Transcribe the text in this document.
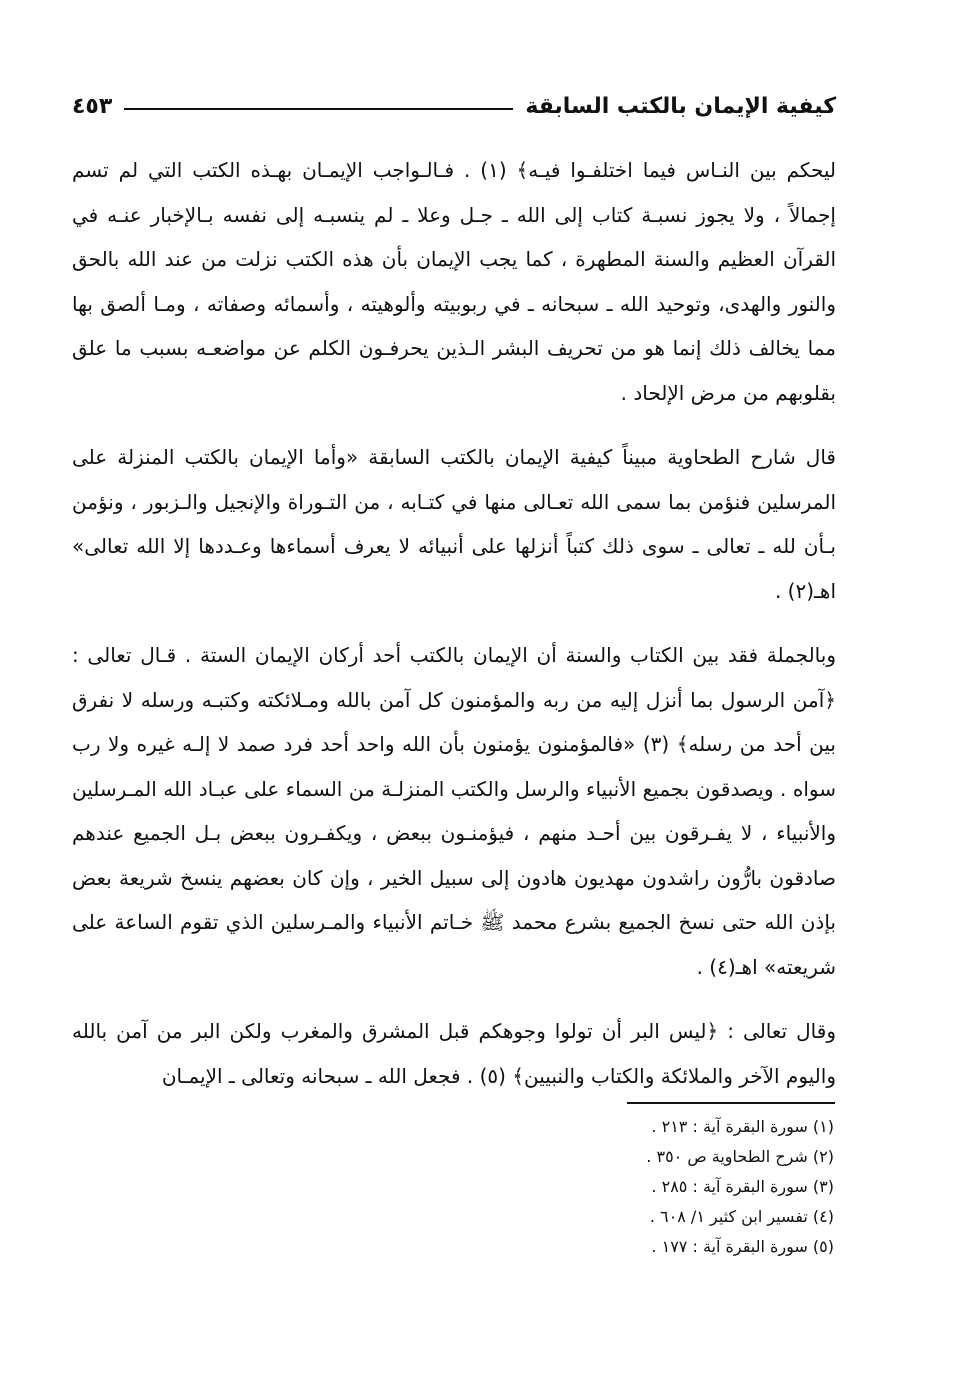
كيفية الإيمان بالكتب السابقة
٤٥٣

ليحكم بين النـاس فيما اختلفـوا فيـه﴾ (١) . فـالـواجب الإيمـان بهـذه الكتب التي لم تسم إجمالاً ، ولا يجوز نسبـة كتاب إلى الله ـ جـل وعلا ـ لم ينسبـه إلى نفسه بـالإخبار عنـه في القرآن العظيم والسنة المطهرة ، كما يجب الإيمان بأن هذه الكتب نزلت من عند الله بالحق والنور والهدى، وتوحيد الله ـ سبحانه ـ في ربوبيته وألوهيته ، وأسمائه وصفاته ، ومـا ألصق بها مما يخالف ذلك إنما هو من تحريف البشر الـذين يحرفـون الكلم عن مواضعـه بسبب ما علق بقلوبهم من مرض الإلحاد .

قال شارح الطحاوية مبيناً كيفية الإيمان بالكتب السابقة «وأما الإيمان بالكتب المنزلة على المرسلين فنؤمن بما سمى الله تعـالى منها في كتـابه ، من التـوراة والإنجيل والـزبور ، ونؤمن بـأن لله ـ تعالى ـ سوى ذلك كتباً أنزلها على أنبيائه لا يعرف أسماءها وعـددها إلا الله تعالى» اهـ(٢) .

وبالجملة فقد بين الكتاب والسنة أن الإيمان بالكتب أحد أركان الإيمان الستة . قـال تعالى : ﴿آمن الرسول بما أنزل إليه من ربه والمؤمنون كل آمن بالله ومـلائكته وكتبـه ورسله لا نفرق بين أحد من رسله﴾ (٣) «فالمؤمنون يؤمنون بأن الله واحد أحد فرد صمد لا إلـه غيره ولا رب سواه . ويصدقون بجميع الأنبياء والرسل والكتب المنزلـة من السماء على عبـاد الله المـرسلين والأنبياء ، لا يفـرقون بين أحـد منهم ، فيؤمنـون ببعض ، ويكفـرون ببعض بـل الجميع عندهم صادقون بارُّون راشدون مهديون هادون إلى سبيل الخير ، وإن كان بعضهم ينسخ شريعة بعض بإذن الله حتى نسخ الجميع بشرع محمد ﷺ خـاتم الأنبياء والمـرسلين الذي تقوم الساعة على شريعته» اهـ(٤) .

وقال تعالى : ﴿ليس البر أن تولوا وجوهكم قبل المشرق والمغرب ولكن البر من آمن بالله واليوم الآخر والملائكة والكتاب والنبيين﴾ (٥) . فجعل الله ـ سبحانه وتعالى ـ الإيمـان

(١) سورة البقرة آية : ٢١٣ .
(٢) شرح الطحاوية ص ٣٥٠ .
(٣) سورة البقرة آية : ٢٨٥ .
(٤) تفسير ابن كثير ١/ ٦٠٨ .
(٥) سورة البقرة آية : ١٧٧ .
